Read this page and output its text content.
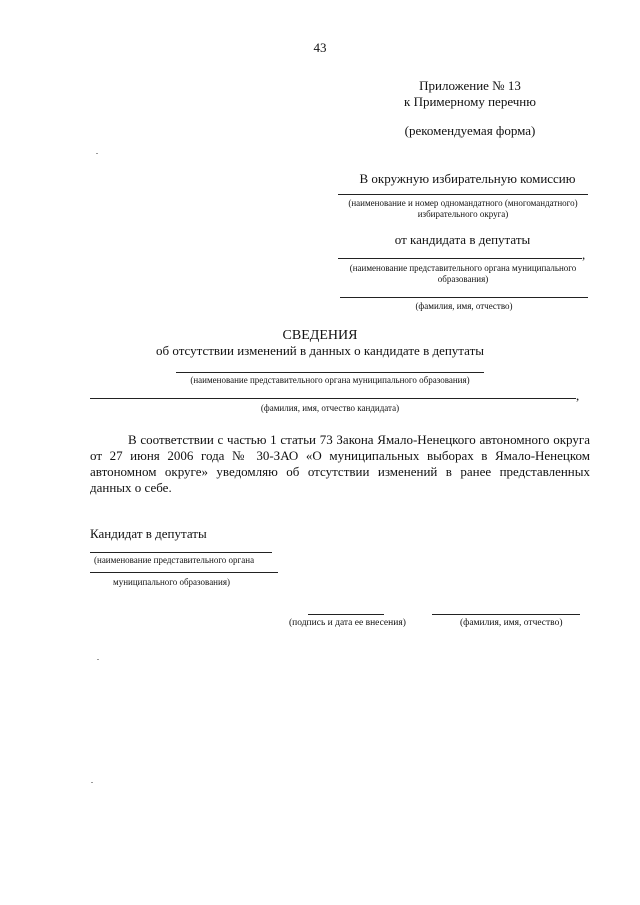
43
Приложение № 13
к Примерному перечню
(рекомендуемая форма)
В окружную избирательную комиссию
(наименование и номер одномандатного (многомандатного) избирательного округа)
от кандидата в депутаты
,
(наименование представительного органа муниципального образования)
(фамилия, имя, отчество)
СВЕДЕНИЯ
об отсутствии изменений в данных о кандидате в депутаты
(наименование представительного органа муниципального образования)
,
(фамилия, имя, отчество кандидата)
В соответствии с частью 1 статьи 73 Закона Ямало-Ненецкого автономного округа от 27 июня 2006 года № 30-ЗАО «О муниципальных выборах в Ямало-Ненецком автономном округе» уведомляю об отсутствии изменений в ранее представленных данных о себе.
Кандидат в депутаты
(наименование представительного органа
муниципального образования)
(подпись и дата ее внесения)	(фамилия, имя, отчество)
